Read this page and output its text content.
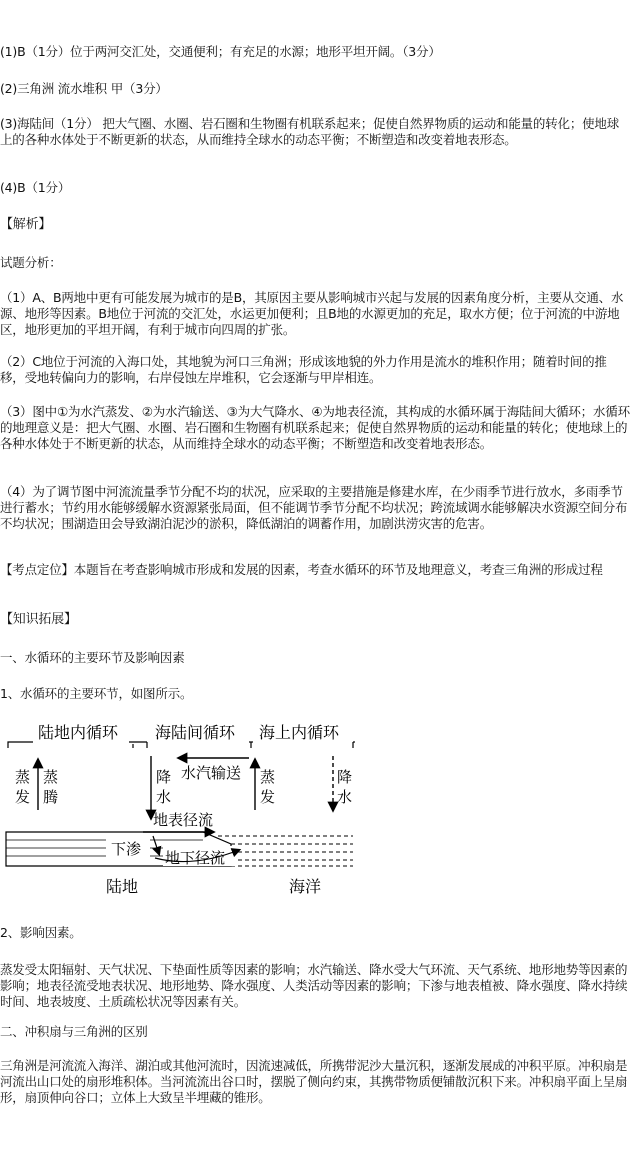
(1)B（1分）位于两河交汇处，交通便利；有充足的水源；地形平坦开阔。（3分）

(2)三角洲 流水堆积 甲（3分）

(3)海陆间（1分） 把大气圈、水圈、岩石圈和生物圈有机联系起来；促使自然界物质的运动和能量的转化；使地球上的各种水体处于不断更新的状态，从而维持全球水的动态平衡；不断塑造和改变着地表形态。

(4)B（1分）

【解析】

试题分析：

（1）A、B两地中更有可能发展为城市的是B，其原因主要从影响城市兴起与发展的因素角度分析，主要从交通、水源、地形等因素。B地位于河流的交汇处，水运更加便利；且B地的水源更加的充足，取水方便；位于河流的中游地区，地形更加的平坦开阔，有利于城市向四周的扩张。

（2）C地位于河流的入海口处，其地貌为河口三角洲；形成该地貌的外力作用是流水的堆积作用；随着时间的推移，受地转偏向力的影响，右岸侵蚀左岸堆积，它会逐渐与甲岸相连。

（3）图中①为水汽蒸发、②为水汽输送、③为大气降水、④为地表径流，其构成的水循环属于海陆间大循环；水循环的地理意义是：把大气圈、水圈、岩石圈和生物圈有机联系起来；促使自然界物质的运动和能量的转化；使地球上的各种水体处于不断更新的状态，从而维持全球水的动态平衡；不断塑造和改变着地表形态。

（4）为了调节图中河流流量季节分配不均的状况，应采取的主要措施是修建水库，在少雨季节进行放水，多雨季节进行蓄水；节约用水能够缓解水资源紧张局面，但不能调节季节分配不均状况；跨流域调水能够解决水资源空间分布不均状况；围湖造田会导致湖泊泥沙的淤积，降低湖泊的调蓄作用，加剧洪涝灾害的危害。

【考点定位】本题旨在考查影响城市形成和发展的因素，考查水循环的环节及地理意义，考查三角洲的形成过程

【知识拓展】

一、水循环的主要环节及影响因素

1、水循环的主要环节，如图所示。

陆地内循环 海陆间循环 海上内循环
蒸
发
蒸
腾
降
水
水汽输送 蒸
发
降
水
地表径流
下渗 地下径流
陆地	海洋

2、影响因素。

蒸发受太阳辐射、天气状况、下垫面性质等因素的影响；水汽输送、降水受大气环流、天气系统、地形地势等因素的影响；地表径流受地表状况、地形地势、降水强度、人类活动等因素的影响；下渗与地表植被、降水强度、降水持续时间、地表坡度、土质疏松状况等因素有关。

二、冲积扇与三角洲的区别

三角洲是河流流入海洋、湖泊或其他河流时，因流速减低，所携带泥沙大量沉积，逐渐发展成的冲积平原。冲积扇是河流出山口处的扇形堆积体。当河流流出谷口时，摆脱了侧向约束，其携带物质便铺散沉积下来。冲积扇平面上呈扇形，扇顶伸向谷口；立体上大致呈半埋藏的锥形。
